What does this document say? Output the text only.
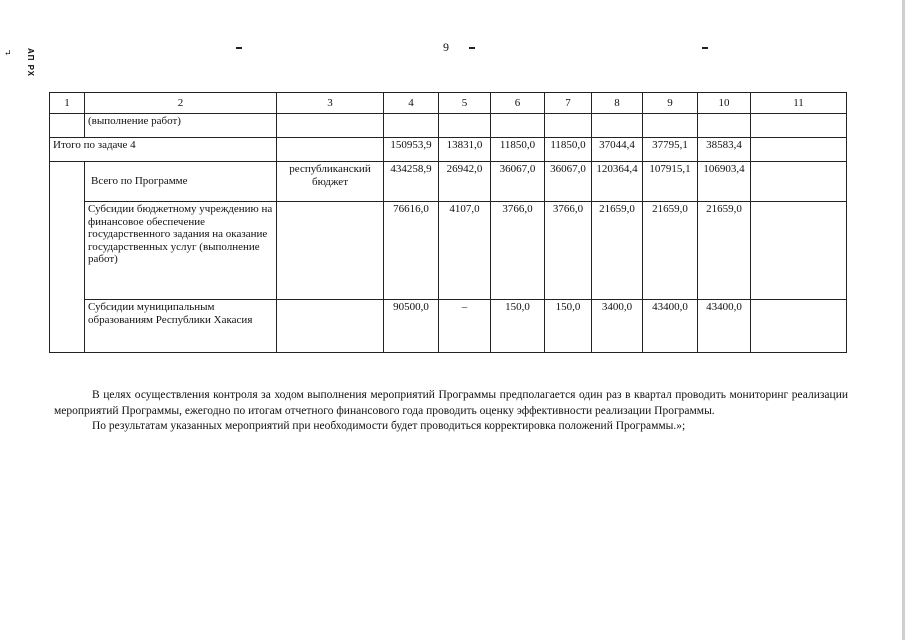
↵ АП РХ
9
1	2	3	4	5	6	7	8	9	10	11
	(выполнение работ)									
Итого по задаче 4			150953,9	13831,0	11850,0	11850,0	37044,4	37795,1	38583,4	
	Всего по Программе	республиканский бюджет	434258,9	26942,0	36067,0	36067,0	120364,4	107915,1	106903,4	
	Субсидии бюджетному учреждению на финансовое обеспечение государственного задания на оказание государственных услуг (выполнение работ)		76616,0	4107,0	3766,0	3766,0	21659,0	21659,0	21659,0	
	Субсидии муниципальным образованиям Республики Хакасия		90500,0	–	150,0	150,0	3400,0	43400,0	43400,0	

В целях осуществления контроля за ходом выполнения мероприятий Программы предполагается один раз в квартал проводить мониторинг реализации мероприятий Программы, ежегодно по итогам отчетного финансового года проводить оценку эффективности реализации Программы.

По результатам указанных мероприятий при необходимости будет проводиться корректировка положений Программы.»;
